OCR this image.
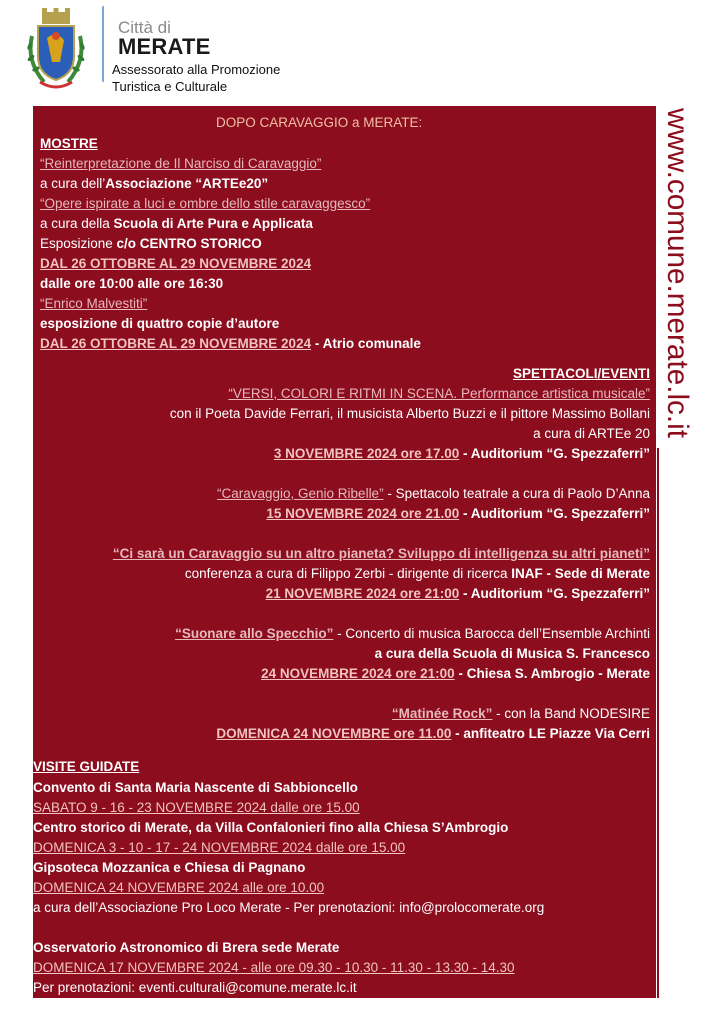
Città di
MERATE
Assessorato alla Promozione
Turistica e Culturale
DOPO CARAVAGGIO a MERATE:
MOSTRE
“Reinterpretazione de Il Narciso di Caravaggio”
a cura dell’Associazione “ARTEe20”
“Opere ispirate a luci e ombre dello stile caravaggesco”
a cura della Scuola di Arte Pura e Applicata
Esposizione c/o CENTRO STORICO
DAL 26 OTTOBRE AL 29 NOVEMBRE 2024
dalle ore 10:00 alle ore 16:30
“Enrico Malvestiti”
esposizione di quattro copie d’autore
DAL 26 OTTOBRE AL 29 NOVEMBRE 2024 - Atrio comunale
SPETTACOLI/EVENTI
“VERSI, COLORI E RITMI IN SCENA. Performance artistica musicale”
con il Poeta Davide Ferrari, il musicista Alberto Buzzi e il pittore Massimo Bollani
a cura di ARTEe 20
3 NOVEMBRE 2024 ore 17.00 - Auditorium “G. Spezzaferri”
“Caravaggio, Genio Ribelle” - Spettacolo teatrale a cura di Paolo D’Anna
15 NOVEMBRE 2024 ore 21.00 - Auditorium “G. Spezzaferri”
“Ci sarà un Caravaggio su un altro pianeta? Sviluppo di intelligenza su altri pianeti”
conferenza a cura di Filippo Zerbi - dirigente di ricerca INAF - Sede di Merate
21 NOVEMBRE 2024 ore 21:00 - Auditorium “G. Spezzaferri”
“Suonare allo Specchio” - Concerto di musica Barocca dell’Ensemble Archinti
a cura della Scuola di Musica S. Francesco
24 NOVEMBRE 2024 ore 21:00 - Chiesa S. Ambrogio - Merate
“Matinée Rock” - con la Band NODESIRE
DOMENICA 24 NOVEMBRE ore 11.00 - anfiteatro LE Piazze Via Cerri
VISITE GUIDATE
Convento di Santa Maria Nascente di Sabbioncello
SABATO 9 - 16 - 23 NOVEMBRE 2024 dalle ore 15.00
Centro storico di Merate, da Villa Confalonieri fino alla Chiesa S’Ambrogio
DOMENICA 3 - 10 - 17 - 24 NOVEMBRE 2024 dalle ore 15.00
Gipsoteca Mozzanica e Chiesa di Pagnano
DOMENICA 24 NOVEMBRE 2024 alle ore 10.00
a cura dell’Associazione Pro Loco Merate - Per prenotazioni: info@prolocomerate.org
Osservatorio Astronomico di Brera sede Merate
DOMENICA 17 NOVEMBRE 2024 - alle ore 09.30 - 10.30 - 11.30 - 13.30 - 14.30
Per prenotazioni: eventi.culturali@comune.merate.lc.it
www.comune.merate.lc.it
